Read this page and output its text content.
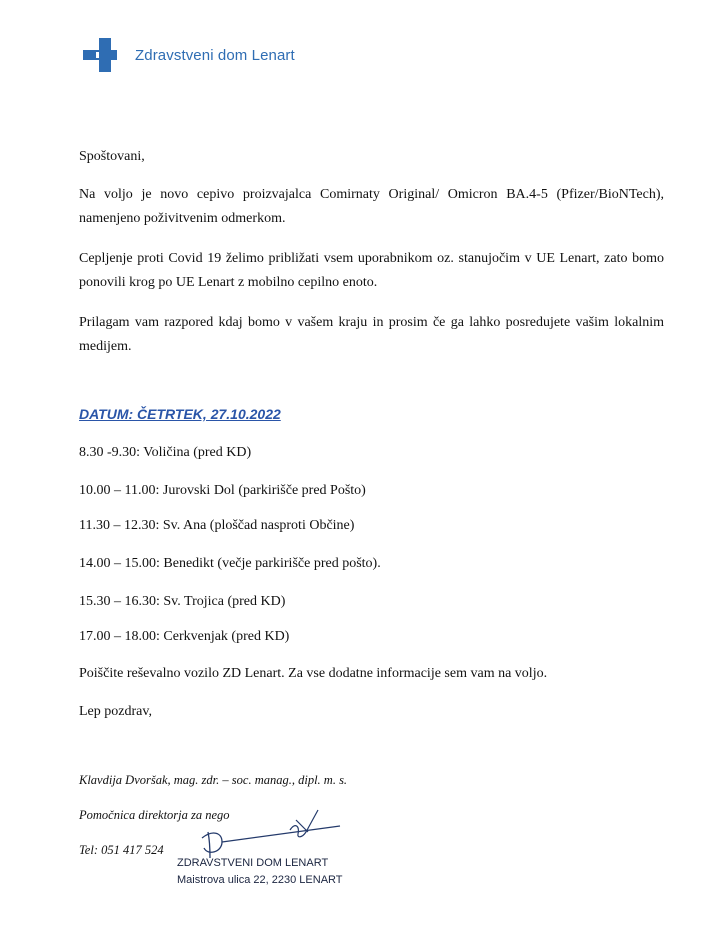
Zdravstveni dom Lenart
Spoštovani,
Na voljo je novo cepivo proizvajalca Comirnaty Original/ Omicron BA.4-5 (Pfizer/BioNTech), namenjeno poživitvenim odmerkom.
Cepljenje proti Covid 19 želimo približati vsem uporabnikom oz. stanujočim v UE Lenart, zato bomo ponovili krog po UE Lenart z mobilno cepilno enoto.
Prilagam vam razpored kdaj bomo v vašem kraju in prosim če ga lahko posredujete vašim lokalnim medijem.
DATUM: ČETRTEK, 27.10.2022
8.30 -9.30: Voličina (pred KD)
10.00 – 11.00: Jurovski Dol (parkirišče pred Pošto)
11.30 – 12.30: Sv. Ana (ploščad nasproti Občine)
14.00 – 15.00: Benedikt (večje parkirišče pred pošto).
15.30 – 16.30: Sv. Trojica (pred KD)
17.00 – 18.00: Cerkvenjak (pred KD)
Poiščite reševalno vozilo ZD Lenart. Za vse dodatne informacije sem vam na voljo.
Lep pozdrav,
Klavdija Dvoršak, mag. zdr. – soc. manag., dipl. m. s.
Pomočnica direktorja za nego
Tel: 051 417 524
ZDRAVSTVENI DOM LENART
Maistrova ulica 22, 2230 LENART
